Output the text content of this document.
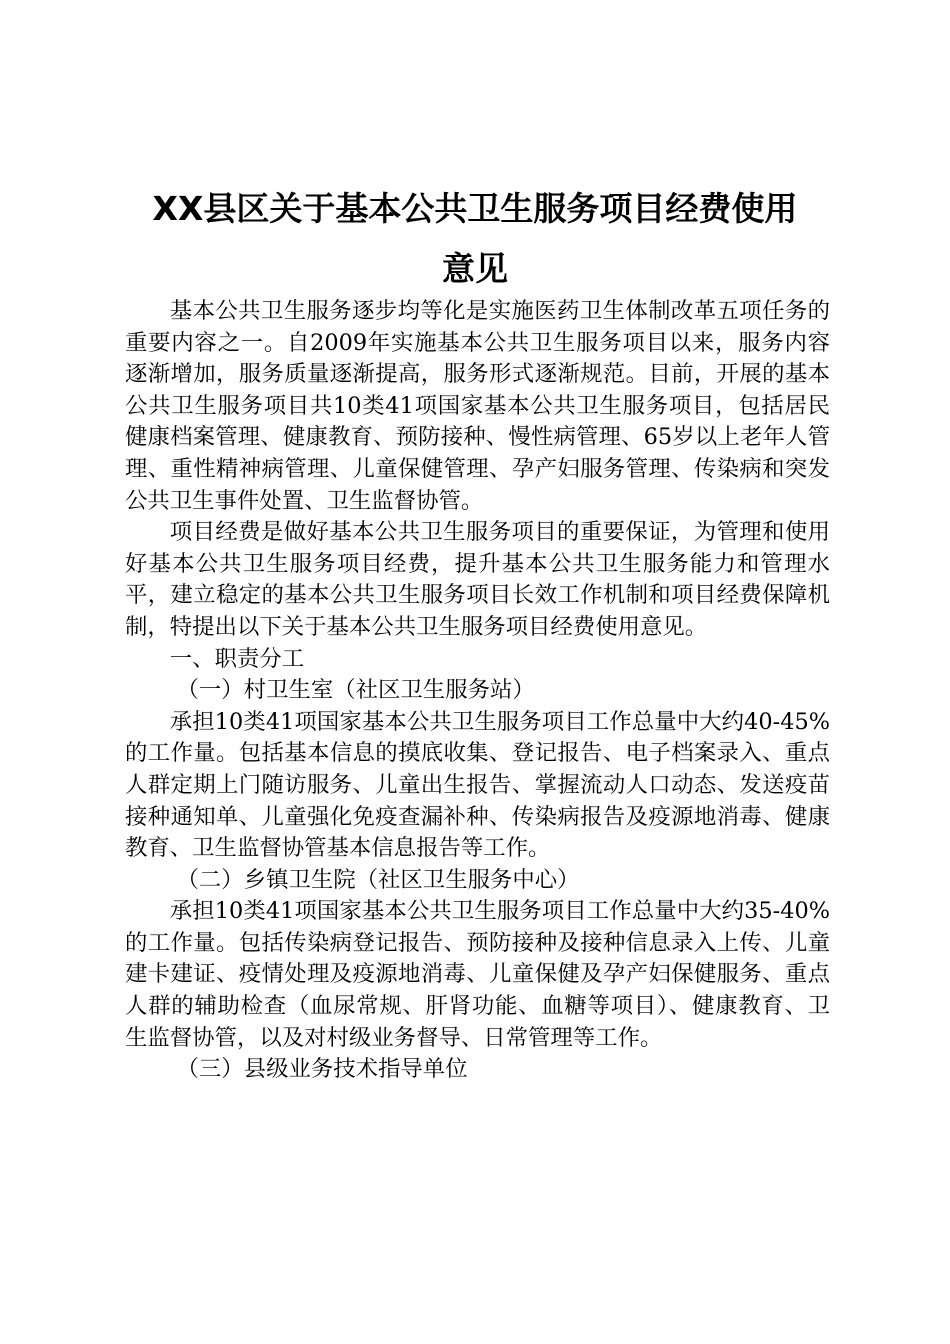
XX县区关于基本公共卫生服务项目经费使用
意见

基本公共卫生服务逐步均等化是实施医药卫生体制改革五项任务的重要内容之一。自2009年实施基本公共卫生服务项目以来，服务内容逐渐增加，服务质量逐渐提高，服务形式逐渐规范。目前，开展的基本公共卫生服务项目共10类41项国家基本公共卫生服务项目，包括居民健康档案管理、健康教育、预防接种、慢性病管理、65岁以上老年人管理、重性精神病管理、儿童保健管理、孕产妇服务管理、传染病和突发公共卫生事件处置、卫生监督协管。

项目经费是做好基本公共卫生服务项目的重要保证，为管理和使用好基本公共卫生服务项目经费，提升基本公共卫生服务能力和管理水平，建立稳定的基本公共卫生服务项目长效工作机制和项目经费保障机制，特提出以下关于基本公共卫生服务项目经费使用意见。

一、职责分工

（一）村卫生室（社区卫生服务站）

承担10类41项国家基本公共卫生服务项目工作总量中大约40-45%的工作量。包括基本信息的摸底收集、登记报告、电子档案录入、重点人群定期上门随访服务、儿童出生报告、掌握流动人口动态、发送疫苗接种通知单、儿童强化免疫查漏补种、传染病报告及疫源地消毒、健康教育、卫生监督协管基本信息报告等工作。

（二）乡镇卫生院（社区卫生服务中心）

承担10类41项国家基本公共卫生服务项目工作总量中大约35-40%的工作量。包括传染病登记报告、预防接种及接种信息录入上传、儿童建卡建证、疫情处理及疫源地消毒、儿童保健及孕产妇保健服务、重点人群的辅助检查（血尿常规、肝肾功能、血糖等项目）、健康教育、卫生监督协管，以及对村级业务督导、日常管理等工作。

（三）县级业务技术指导单位
